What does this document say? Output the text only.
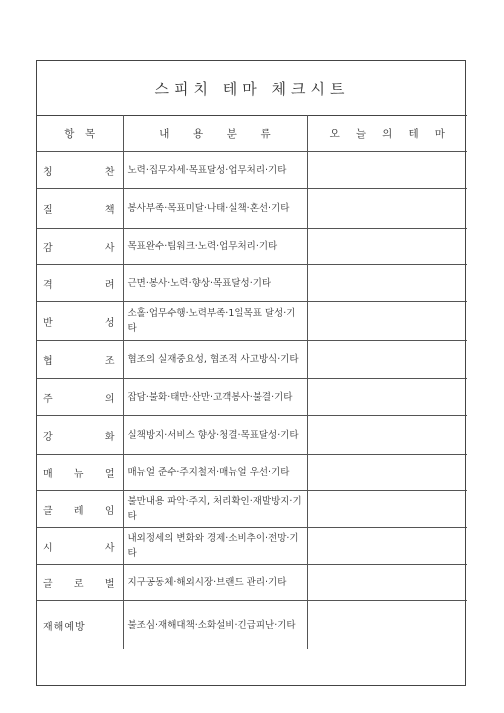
스피치 테마 체크시트
항 목	내 용 분 류	오 늘 의 테 마

칭 찬	노력·집무자세·목표달성·업무처리·기타	

질 책	봉사부족·목표미달·나태·실책·혼선·기타	

감 사	목표완수·팀워크·노력·업무처리·기타	

격 려	근면·봉사·노력·향상·목표달성·기타	

반 성	소홀·업무수행·노력부족·1일목표 달성·기타	

협 조	협조의 실재중요성, 협조적 사고방식·기타	

주 의	잡담·불화·태만·산만·고객봉사·불결·기타	

강 화	실책방지·서비스 향상·청결·목표달성·기타	

매 뉴 얼	매뉴얼 준수·주지철저·매뉴얼 우선·기타	

클 레 임	불만내용 파악·주지, 처리확인·재발방지·기타	

시 사	내외정세의 변화와 경제·소비추이·전망·기타	

글 로 벌	지구공동체·해외시장·브랜드 관리·기타	

재해예방	불조심·재해대책·소화설비·긴급피난·기타	
